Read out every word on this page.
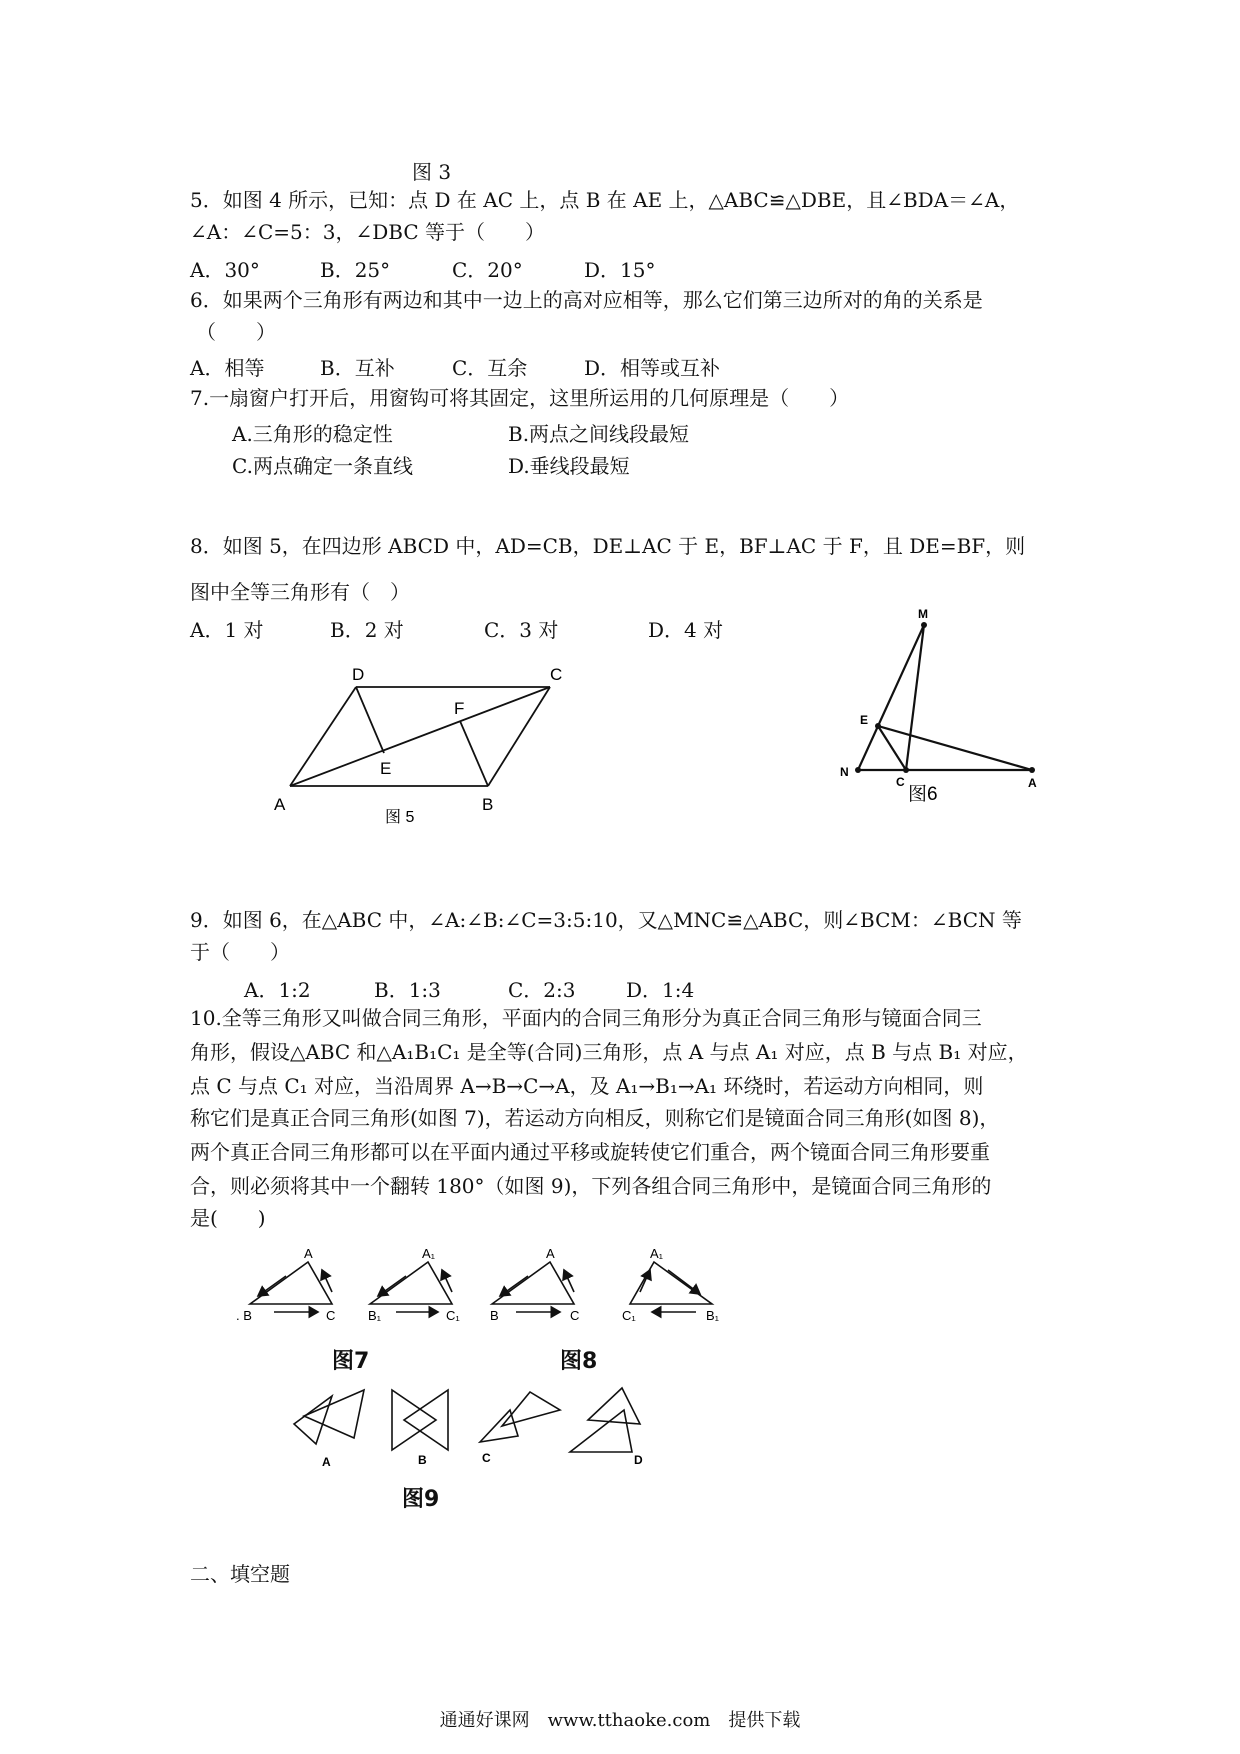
图 3
5．如图 4 所示，已知：点 D 在 AC 上，点 B 在 AE 上，△ABC≌△DBE，且∠BDA＝∠A，
∠A：∠C=5：3，∠DBC 等于（　　）
A．30°	B．25°	C．20°	D．15°
6．如果两个三角形有两边和其中一边上的高对应相等，那么它们第三边所对的角的关系是
（　　）
A．相等	B．互补	C．互余	D．相等或互补
7.一扇窗户打开后，用窗钩可将其固定，这里所运用的几何原理是（　　）
A.三角形的稳定性	B.两点之间线段最短
C.两点确定一条直线	D.垂线段最短
8．如图 5，在四边形 ABCD 中，AD=CB，DE⊥AC 于 E，BF⊥AC 于 F，且 DE=BF，则
图中全等三角形有（　）
A．1 对	B．2 对	C．3 对	D．4 对
A	B
C
D
E
F
图 5
M
E
N
C	A
图6
9．如图 6，在△ABC 中，∠A:∠B:∠C=3:5:10，又△MNC≌△ABC，则∠BCM：∠BCN 等
于（　　）
A．1:2	B．1:3	C．2:3	D．1:4
10.全等三角形又叫做合同三角形，平面内的合同三角形分为真正合同三角形与镜面合同三
角形，假设△ABC 和△A₁B₁C₁ 是全等(合同)三角形，点 A 与点 A₁ 对应，点 B 与点 B₁ 对应，
点 C 与点 C₁ 对应，当沿周界 A→B→C→A，及 A₁→B₁→A₁ 环绕时，若运动方向相同，则
称它们是真正合同三角形(如图 7)，若运动方向相反，则称它们是镜面合同三角形(如图 8)，
两个真正合同三角形都可以在平面内通过平移或旋转使它们重合，两个镜面合同三角形要重
合，则必须将其中一个翻转 180°（如图 9)，下列各组合同三角形中，是镜面合同三角形的
是(　　)
A
. B	C
A₁
B₁	C₁
A
B	C
A₁
B₁
C₁
图7	图8
A	B	C	D
图9
二、填空题
通通好课网　www.tthaoke.com　提供下载
